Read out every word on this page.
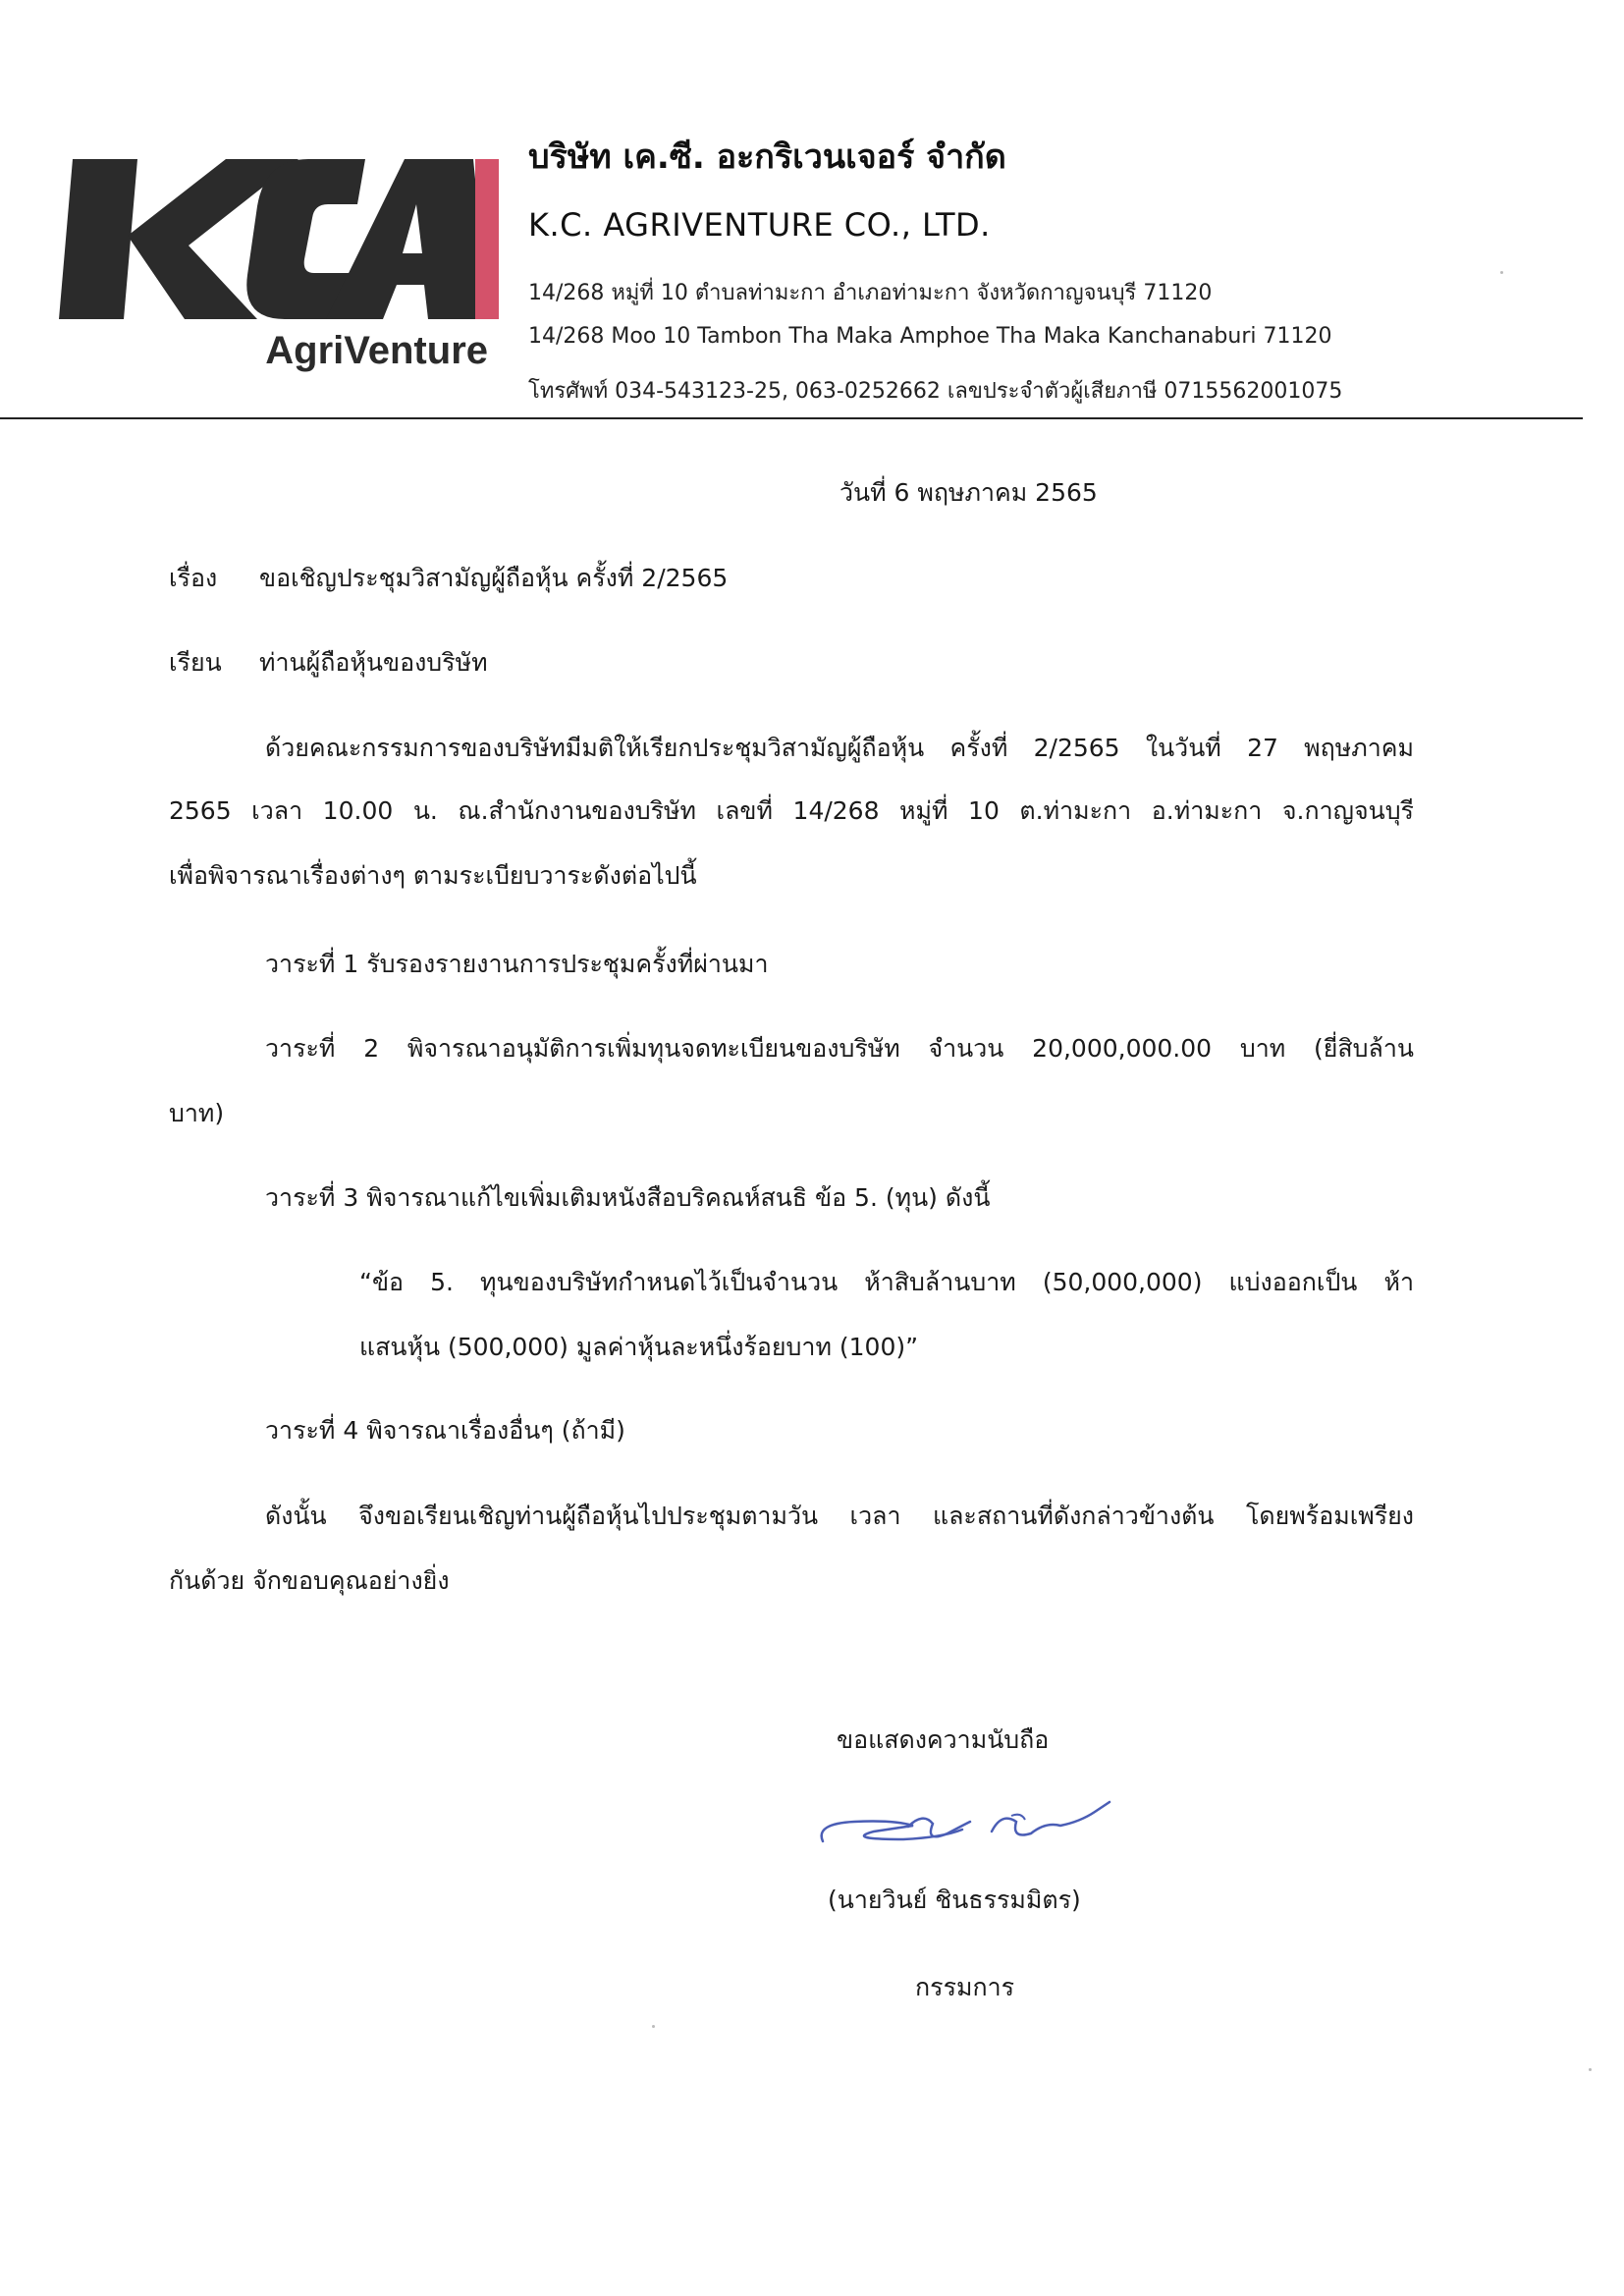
AgriVenture
บริษัท เค.ซี. อะกริเวนเจอร์ จำกัด
K.C. AGRIVENTURE CO., LTD.
14/268 หมู่ที่ 10 ตำบลท่ามะกา อำเภอท่ามะกา จังหวัดกาญจนบุรี 71120
14/268 Moo 10 Tambon Tha Maka Amphoe Tha Maka Kanchanaburi 71120
โทรศัพท์ 034-543123-25, 063-0252662 เลขประจำตัวผู้เสียภาษี 0715562001075
วันที่ 6 พฤษภาคม 2565
เรื่อง ขอเชิญประชุมวิสามัญผู้ถือหุ้น ครั้งที่ 2/2565
เรียน ท่านผู้ถือหุ้นของบริษัท
ด้วยคณะกรรมการของบริษัทมีมติให้เรียกประชุมวิสามัญผู้ถือหุ้น ครั้งที่ 2/2565 ในวันที่ 27 พฤษภาคม
2565 เวลา 10.00 น. ณ.สำนักงานของบริษัท เลขที่ 14/268 หมู่ที่ 10 ต.ท่ามะกา อ.ท่ามะกา จ.กาญจนบุรี
เพื่อพิจารณาเรื่องต่างๆ ตามระเบียบวาระดังต่อไปนี้
วาระที่ 1 รับรองรายงานการประชุมครั้งที่ผ่านมา
วาระที่ 2 พิจารณาอนุมัติการเพิ่มทุนจดทะเบียนของบริษัท จำนวน 20,000,000.00 บาท (ยี่สิบล้าน
บาท)
วาระที่ 3 พิจารณาแก้ไขเพิ่มเติมหนังสือบริคณห์สนธิ ข้อ 5. (ทุน) ดังนี้
“ข้อ 5. ทุนของบริษัทกำหนดไว้เป็นจำนวน ห้าสิบล้านบาท (50,000,000) แบ่งออกเป็น ห้า
แสนหุ้น (500,000) มูลค่าหุ้นละหนึ่งร้อยบาท (100)”
วาระที่ 4 พิจารณาเรื่องอื่นๆ (ถ้ามี)
ดังนั้น จึงขอเรียนเชิญท่านผู้ถือหุ้นไปประชุมตามวัน เวลา และสถานที่ดังกล่าวข้างต้น โดยพร้อมเพรียง
กันด้วย จักขอบคุณอย่างยิ่ง
ขอแสดงความนับถือ
(นายวินย์ ชินธรรมมิตร)
กรรมการ
